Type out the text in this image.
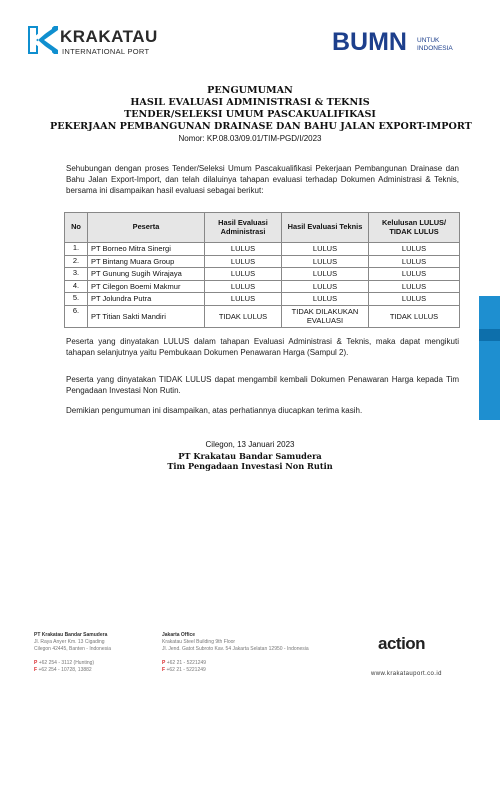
KRAKATAU
INTERNATIONAL PORT	BUMN UNTUK
INDONESIA
PENGUMUMAN
HASIL EVALUASI ADMINISTRASI & TEKNIS
TENDER/SELEKSI UMUM PASCAKUALIFIKASI
PEKERJAAN PEMBANGUNAN DRAINASE DAN BAHU JALAN EXPORT-IMPORT
Nomor: KP.08.03/09.01/TIM-PGD/I/2023
Sehubungan dengan proses Tender/Seleksi Umum Pascakualifikasi Pekerjaan Pembangunan Drainase dan Bahu Jalan Export-Import, dan telah dilaluinya tahapan evaluasi terhadap Dokumen Administrasi & Teknis, bersama ini disampaikan hasil evaluasi sebagai berikut:
No	Peserta	Hasil Evaluasi Administrasi	Hasil Evaluasi Teknis	Kelulusan LULUS/ TIDAK LULUS
1.	PT Borneo Mitra Sinergi	LULUS	LULUS	LULUS
2.	PT Bintang Muara Group	LULUS	LULUS	LULUS
3.	PT Gunung Sugih Wirajaya	LULUS	LULUS	LULUS
4.	PT Cilegon Boemi Makmur	LULUS	LULUS	LULUS
5.	PT Jolundra Putra	LULUS	LULUS	LULUS
6.	PT Titian Sakti Mandiri	TIDAK LULUS	TIDAK DILAKUKAN EVALUASI	TIDAK LULUS
Peserta yang dinyatakan LULUS dalam tahapan Evaluasi Administrasi & Teknis, maka dapat mengikuti tahapan selanjutnya yaitu Pembukaan Dokumen Penawaran Harga (Sampul 2).
Peserta yang dinyatakan TIDAK LULUS dapat mengambil kembali Dokumen Penawaran Harga kepada Tim Pengadaan Investasi Non Rutin.
Demikian pengumuman ini disampaikan, atas perhatiannya diucapkan terima kasih.
Cilegon, 13 Januari 2023
PT Krakatau Bandar Samudera
Tim Pengadaan Investasi Non Rutin
PT Krakatau Bandar Samudera
Jl. Raya Anyer Km. 13 Cigading
Cilegon 42445, Banten - Indonesia
P +62 254 - 3112 (Hunting)
F +62 254 - 10728, 13882
Jakarta Office
Krakatau Steel Building 9th Floor
Jl. Jend. Gatot Subroto Kav. 54 Jakarta Selatan 12950 - Indonesia
P +62 21 - 5221249
F +62 21 - 5221249
action
www.krakatauport.co.id
